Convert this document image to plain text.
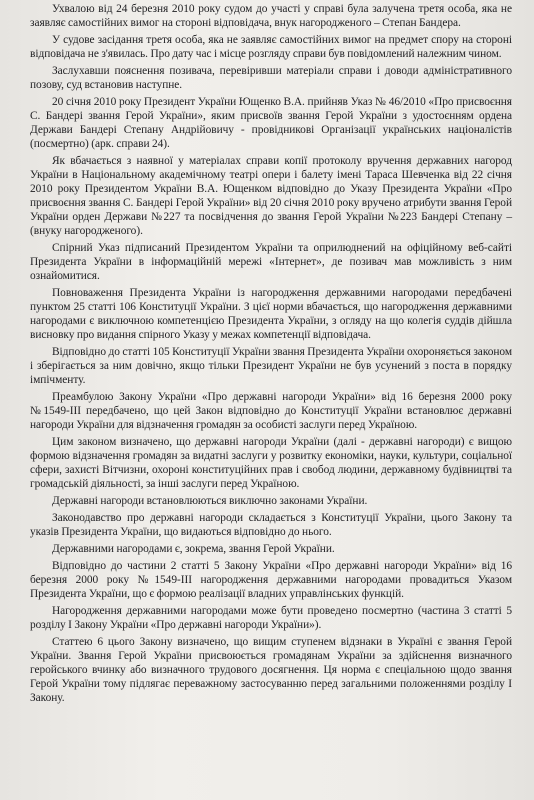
Ухвалою від 24 березня 2010 року судом до участі у справі була залучена третя особа, яка не заявляє самостійних вимог на стороні відповідача, внук нагородженого – Степан Бандера.

У судове засідання третя особа, яка не заявляє самостійних вимог на предмет спору на стороні відповідача не з'явилась. Про дату час і місце розгляду справи був повідомлений належним чином.

Заслухавши пояснення позивача, перевіривши матеріали справи і доводи адміністративного позову, суд встановив наступне.

20 січня 2010 року Президент України Ющенко В.А. прийняв Указ № 46/2010 «Про присвоєння С. Бандері звання Герой України», яким присвоїв звання Герой України з удостоєнням ордена Держави Бандері Степану Андрійовичу - провідникові Організації українських націоналістів (посмертно) (арк. справи 24).

Як вбачається з наявної у матеріалах справи копії протоколу вручення державних нагород України в Національному академічному театрі опери і балету імені Тараса Шевченка від 22 січня 2010 року Президентом України В.А. Ющенком відповідно до Указу Президента України «Про присвоєння звання С. Бандері Герой України» від 20 січня 2010 року вручено атрибути звання Герой України орден Держави №227 та посвідчення до звання Герой України №223 Бандері Степану – (внуку нагородженого).

Спірний Указ підписаний Президентом України та оприлюднений на офіційному веб-сайті Президента України в інформаційній мережі «Інтернет», де позивач мав можливість з ним ознайомитися.

Повноваження Президента України із нагородження державними нагородами передбачені пунктом 25 статті 106 Конституції України. З цієї норми вбачається, що нагородження державними нагородами є виключною компетенцією Президента України, з огляду на що колегія суддів дійшла висновку про видання спірного Указу у межах компетенції відповідача.

Відповідно до статті 105 Конституції України звання Президента України охороняється законом і зберігається за ним довічно, якщо тільки Президент України не був усунений з поста в порядку імпічменту.

Преамбулою Закону України «Про державні нагороди України» від 16 березня 2000 року №1549-ІІІ передбачено, що цей Закон відповідно до Конституції України встановлює державні нагороди України для відзначення громадян за особисті заслуги перед Україною.

Цим законом визначено, що державні нагороди України (далі - державні нагороди) є вищою формою відзначення громадян за видатні заслуги у розвитку економіки, науки, культури, соціальної сфери, захисті Вітчизни, охороні конституційних прав і свобод людини, державному будівництві та громадській діяльності, за інші заслуги перед Україною.

Державні нагороди встановлюються виключно законами України.

Законодавство про державні нагороди складається з Конституції України, цього Закону та указів Президента України, що видаються відповідно до нього.

Державними нагородами є, зокрема, звання Герой України.

Відповідно до частини 2 статті 5 Закону України «Про державні нагороди України» від 16 березня 2000 року №1549-ІІІ нагородження державними нагородами провадиться Указом Президента України, що є формою реалізації владних управлінських функцій.

Нагородження державними нагородами може бути проведено посмертно (частина 3 статті 5 розділу І Закону України «Про державні нагороди України»).

Статтею 6 цього Закону визначено, що вищим ступенем відзнаки в Україні є звання Герой України. Звання Герой України присвоюється громадянам України за здійснення визначного геройського вчинку або визначного трудового досягнення. Ця норма є спеціальною щодо звання Герой України тому підлягає переважному застосуванню перед загальними положеннями розділу І Закону.
